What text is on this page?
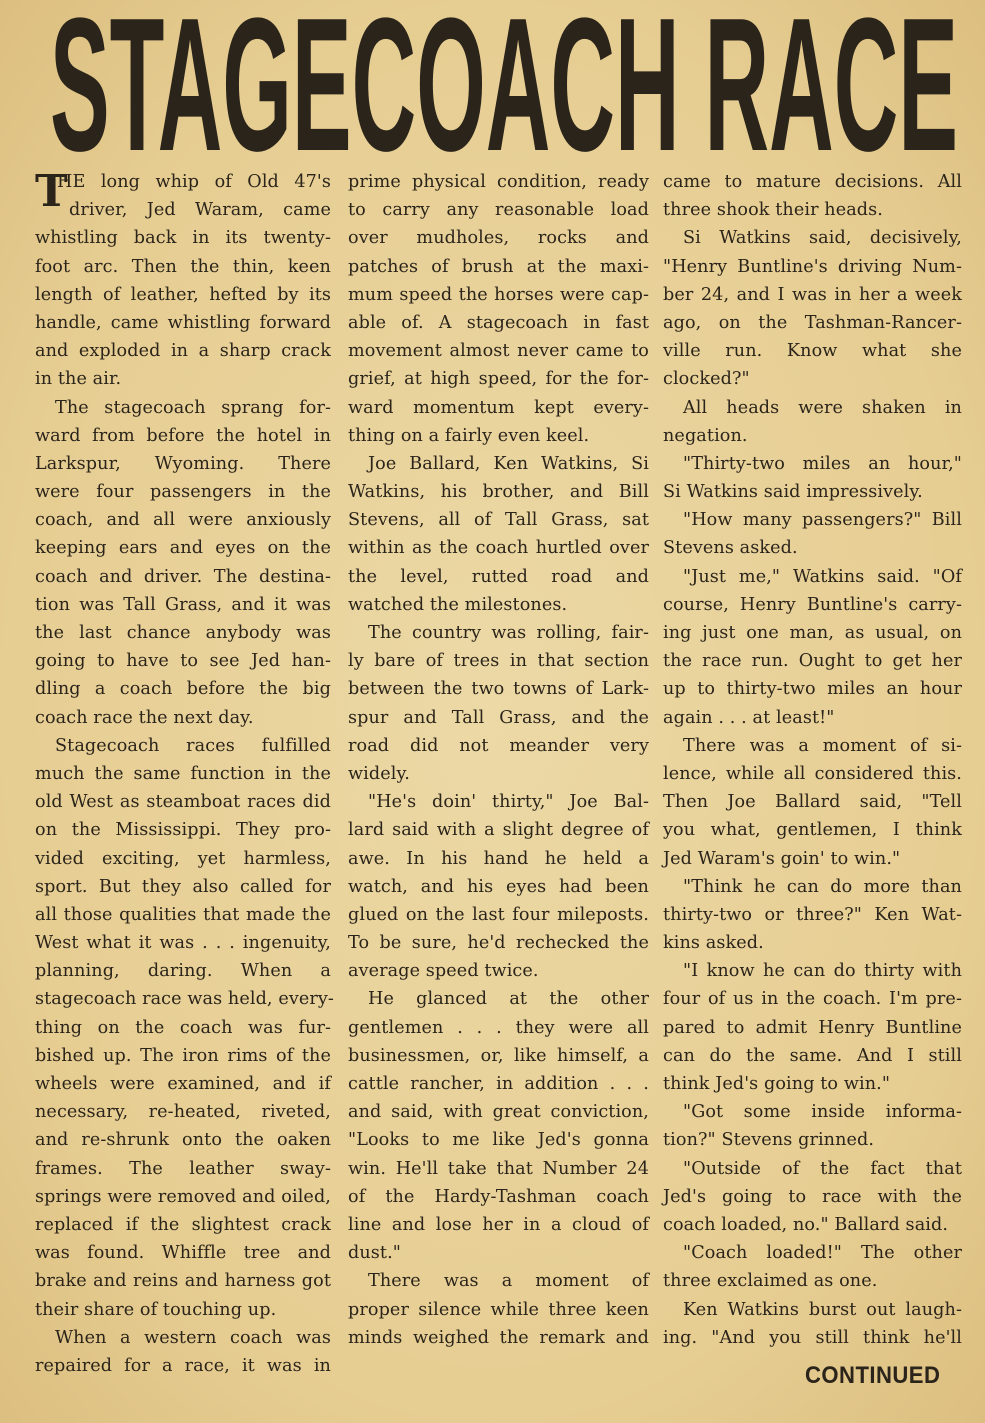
STAGECOACH RACE
T
HE long whip of Old 47's
driver, Jed Waram, came
whistling back in its twenty-
foot arc. Then the thin, keen
length of leather, hefted by its
handle, came whistling forward
and exploded in a sharp crack
in the air.
The stagecoach sprang for-
ward from before the hotel in
Larkspur, Wyoming. There
were four passengers in the
coach, and all were anxiously
keeping ears and eyes on the
coach and driver. The destina-
tion was Tall Grass, and it was
the last chance anybody was
going to have to see Jed han-
dling a coach before the big
coach race the next day.
Stagecoach races fulfilled
much the same function in the
old West as steamboat races did
on the Mississippi. They pro-
vided exciting, yet harmless,
sport. But they also called for
all those qualities that made the
West what it was . . . ingenuity,
planning, daring. When a
stagecoach race was held, every-
thing on the coach was fur-
bished up. The iron rims of the
wheels were examined, and if
necessary, re-heated, riveted,
and re-shrunk onto the oaken
frames. The leather sway-
springs were removed and oiled,
replaced if the slightest crack
was found. Whiffle tree and
brake and reins and harness got
their share of touching up.
When a western coach was
repaired for a race, it was in
prime physical condition, ready
to carry any reasonable load
over mudholes, rocks and
patches of brush at the maxi-
mum speed the horses were cap-
able of. A stagecoach in fast
movement almost never came to
grief, at high speed, for the for-
ward momentum kept every-
thing on a fairly even keel.
Joe Ballard, Ken Watkins, Si
Watkins, his brother, and Bill
Stevens, all of Tall Grass, sat
within as the coach hurtled over
the level, rutted road and
watched the milestones.
The country was rolling, fair-
ly bare of trees in that section
between the two towns of Lark-
spur and Tall Grass, and the
road did not meander very
widely.
"He's doin' thirty," Joe Bal-
lard said with a slight degree of
awe. In his hand he held a
watch, and his eyes had been
glued on the last four mileposts.
To be sure, he'd rechecked the
average speed twice.
He glanced at the other
gentlemen . . . they were all
businessmen, or, like himself, a
cattle rancher, in addition . . .
and said, with great conviction,
"Looks to me like Jed's gonna
win. He'll take that Number 24
of the Hardy-Tashman coach
line and lose her in a cloud of
dust."
There was a moment of
proper silence while three keen
minds weighed the remark and
came to mature decisions. All
three shook their heads.
Si Watkins said, decisively,
"Henry Buntline's driving Num-
ber 24, and I was in her a week
ago, on the Tashman-Rancer-
ville run. Know what she
clocked?"
All heads were shaken in
negation.
"Thirty-two miles an hour,"
Si Watkins said impressively.
"How many passengers?" Bill
Stevens asked.
"Just me," Watkins said. "Of
course, Henry Buntline's carry-
ing just one man, as usual, on
the race run. Ought to get her
up to thirty-two miles an hour
again . . . at least!"
There was a moment of si-
lence, while all considered this.
Then Joe Ballard said, "Tell
you what, gentlemen, I think
Jed Waram's goin' to win."
"Think he can do more than
thirty-two or three?" Ken Wat-
kins asked.
"I know he can do thirty with
four of us in the coach. I'm pre-
pared to admit Henry Buntline
can do the same. And I still
think Jed's going to win."
"Got some inside informa-
tion?" Stevens grinned.
"Outside of the fact that
Jed's going to race with the
coach loaded, no." Ballard said.
"Coach loaded!" The other
three exclaimed as one.
Ken Watkins burst out laugh-
ing. "And you still think he'll
CONTINUED
